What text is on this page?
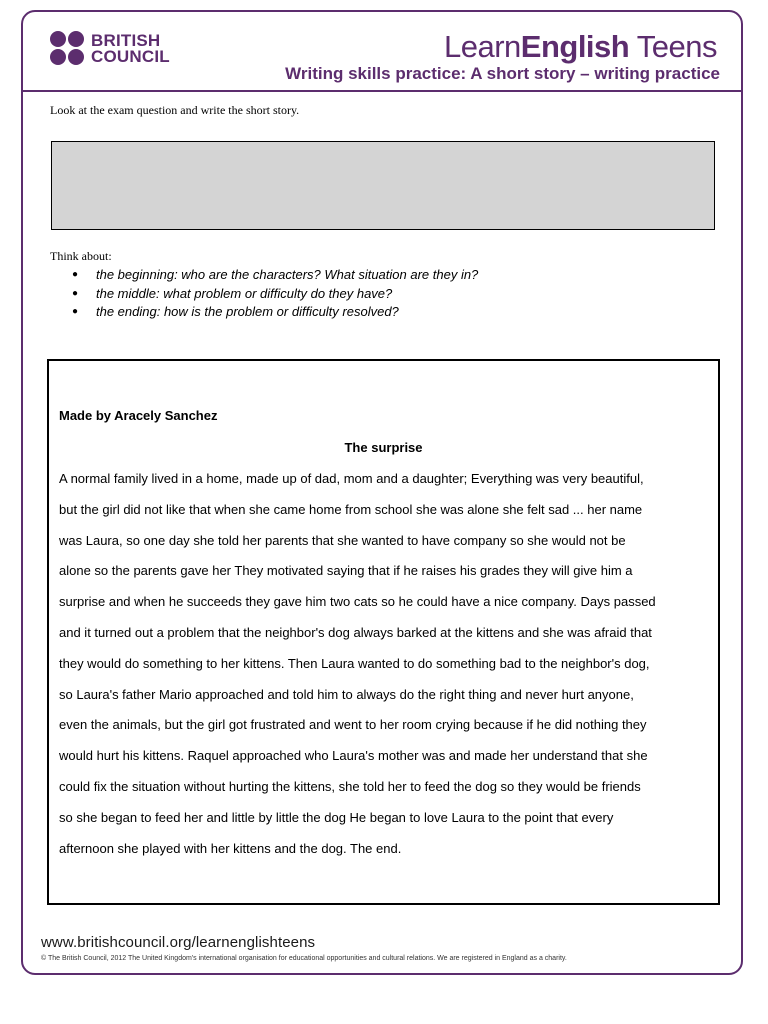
BRITISH
COUNCIL	LearnEnglish Teens
Writing skills practice: A short story – writing practice
Look at the exam question and write the short story.
Think about:
● the beginning: who are the characters? What situation are they in?
● the middle: what problem or difficulty do they have?
● the ending: how is the problem or difficulty resolved?
Made by Aracely Sanchez
The surprise
A normal family lived in a home, made up of dad, mom and a daughter; Everything was very beautiful,
but the girl did not like that when she came home from school she was alone she felt sad ... her name
was Laura, so one day she told her parents that she wanted to have company so she would not be
alone so the parents gave her They motivated saying that if he raises his grades they will give him a
surprise and when he succeeds they gave him two cats so he could have a nice company. Days passed
and it turned out a problem that the neighbor's dog always barked at the kittens and she was afraid that
they would do something to her kittens. Then Laura wanted to do something bad to the neighbor's dog,
so Laura's father Mario approached and told him to always do the right thing and never hurt anyone,
even the animals, but the girl got frustrated and went to her room crying because if he did nothing they
would hurt his kittens. Raquel approached who Laura's mother was and made her understand that she
could fix the situation without hurting the kittens, she told her to feed the dog so they would be friends
so she began to feed her and little by little the dog He began to love Laura to the point that every
afternoon she played with her kittens and the dog. The end.
www.britishcouncil.org/learnenglishteens
© The British Council, 2012 The United Kingdom's international organisation for educational opportunities and cultural relations. We are registered in England as a charity.
